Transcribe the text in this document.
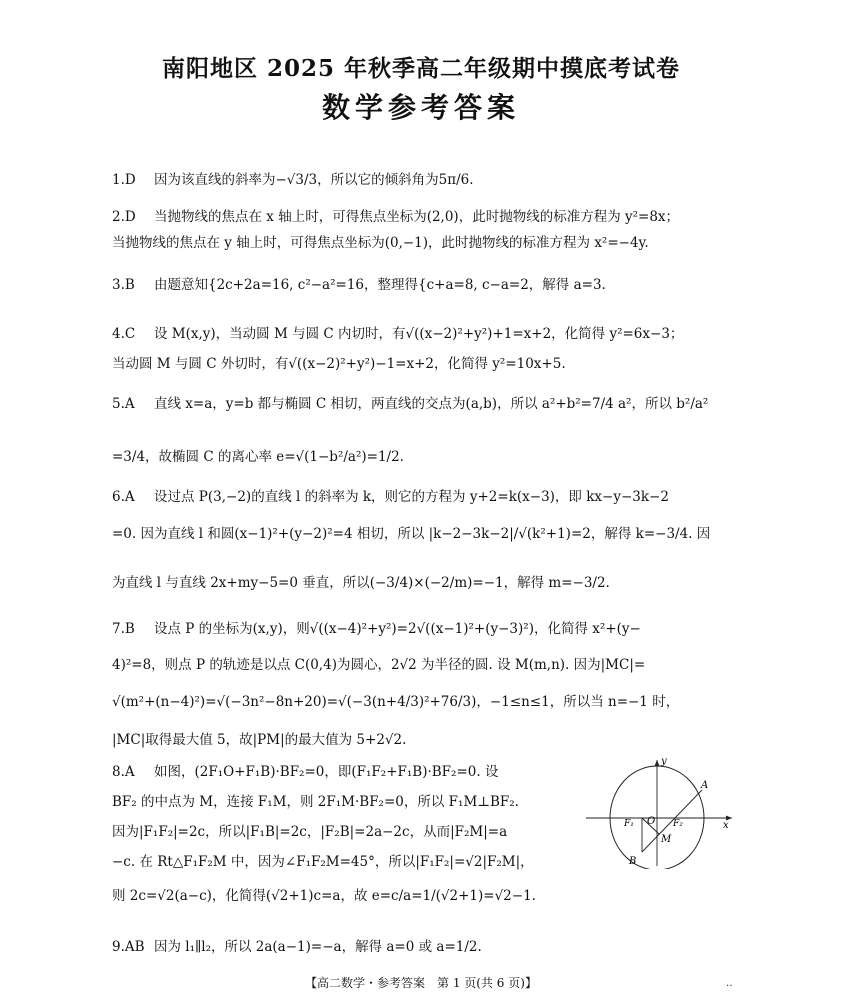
南阳地区 2025 年秋季高二年级期中摸底考试卷
数学参考答案
1.D 因为该直线的斜率为−√3/3，所以它的倾斜角为5π/6.
2.D 当抛物线的焦点在 x 轴上时，可得焦点坐标为(2,0)，此时抛物线的标准方程为 y²=8x；
当抛物线的焦点在 y 轴上时，可得焦点坐标为(0,−1)，此时抛物线的标准方程为 x²=−4y.
3.B 由题意知{2c+2a=16, c²−a²=16，整理得{c+a=8, c−a=2，解得 a=3.
4.C 设 M(x,y)，当动圆 M 与圆 C 内切时，有√((x−2)²+y²)+1=x+2，化简得 y²=6x−3；
当动圆 M 与圆 C 外切时，有√((x−2)²+y²)−1=x+2，化简得 y²=10x+5.
5.A 直线 x=a，y=b 都与椭圆 C 相切，两直线的交点为(a,b)，所以 a²+b²=7/4 a²，所以 b²/a²
=3/4，故椭圆 C 的离心率 e=√(1−b²/a²)=1/2.
6.A 设过点 P(3,−2)的直线 l 的斜率为 k，则它的方程为 y+2=k(x−3)，即 kx−y−3k−2
=0. 因为直线 l 和圆(x−1)²+(y−2)²=4 相切，所以 |k−2−3k−2|/√(k²+1)=2，解得 k=−3/4. 因
为直线 l 与直线 2x+my−5=0 垂直，所以(−3/4)×(−2/m)=−1，解得 m=−3/2.
7.B 设点 P 的坐标为(x,y)，则√((x−4)²+y²)=2√((x−1)²+(y−3)²)，化简得 x²+(y−
4)²=8，则点 P 的轨迹是以点 C(0,4)为圆心，2√2 为半径的圆. 设 M(m,n). 因为|MC|=
√(m²+(n−4)²)=√(−3n²−8n+20)=√(−3(n+4/3)²+76/3)，−1≤n≤1，所以当 n=−1 时，
|MC|取得最大值 5，故|PM|的最大值为 5+2√2.
8.A 如图，(2F₁O+F₁B)·BF₂=0，即(F₁F₂+F₁B)·BF₂=0. 设
BF₂ 的中点为 M，连接 F₁M，则 2F₁M·BF₂=0，所以 F₁M⊥BF₂.
因为|F₁F₂|=2c，所以|F₁B|=2c，|F₂B|=2a−2c，从而|F₂M|=a
−c. 在 Rt△F₁F₂M 中，因为∠F₁F₂M=45°，所以|F₁F₂|=√2|F₂M|，
则 2c=√2(a−c)，化简得(√2+1)c=a，故 e=c/a=1/(√2+1)=√2−1.
9.AB 因为 l₁∥l₂，所以 2a(a−1)=−a，解得 a=0 或 a=1/2.
y
x
A
O
F₁	F₂
M
B
【高二数学・参考答案　第 1 页(共 6 页)】	‥
